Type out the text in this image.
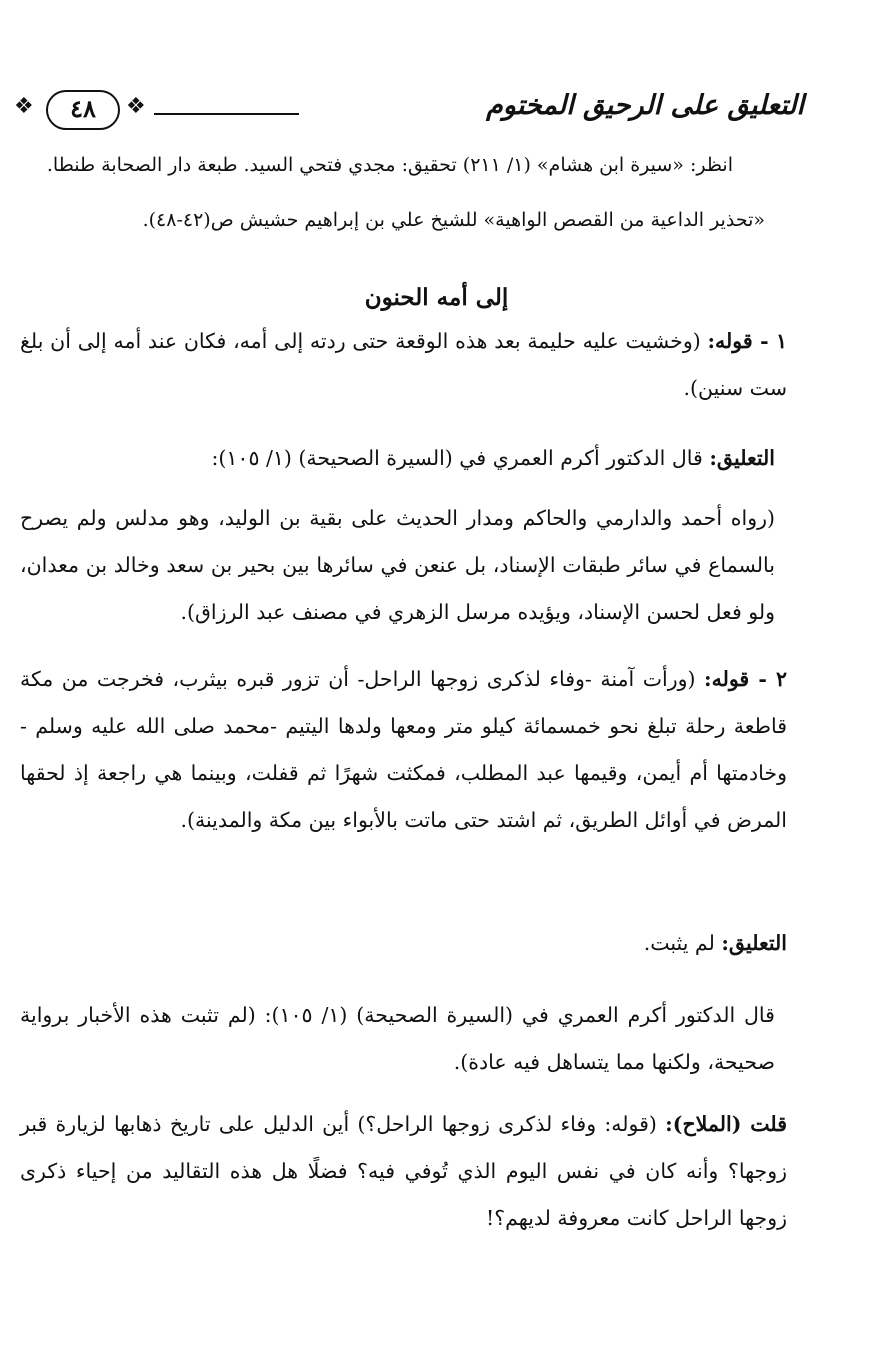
التعليق على الرحيق المختوم
❖
٤٨
❖
انظر: «سيرة ابن هشام» (١/ ٢١١) تحقيق: مجدي فتحي السيد. طبعة دار الصحابة طنطا.
«تحذير الداعية من القصص الواهية» للشيخ علي بن إبراهيم حشيش ص(٤٢-٤٨).
إلى أمه الحنون
١ - قوله: (وخشيت عليه حليمة بعد هذه الوقعة حتى ردته إلى أمه، فكان عند أمه إلى أن بلغ ست سنين).
التعليق: قال الدكتور أكرم العمري في (السيرة الصحيحة) (١/ ١٠٥):
(رواه أحمد والدارمي والحاكم ومدار الحديث على بقية بن الوليد، وهو مدلس ولم يصرح بالسماع في سائر طبقات الإسناد، بل عنعن في سائرها بين بحير بن سعد وخالد بن معدان، ولو فعل لحسن الإسناد، ويؤيده مرسل الزهري في مصنف عبد الرزاق).
٢ - قوله: (ورأت آمنة -وفاء لذكرى زوجها الراحل- أن تزور قبره بيثرب، فخرجت من مكة قاطعة رحلة تبلغ نحو خمسمائة كيلو متر ومعها ولدها اليتيم -محمد صلى الله عليه وسلم - وخادمتها أم أيمن، وقيمها عبد المطلب، فمكثت شهرًا ثم قفلت، وبينما هي راجعة إذ لحقها المرض في أوائل الطريق، ثم اشتد حتى ماتت بالأبواء بين مكة والمدينة).
التعليق: لم يثبت.
قال الدكتور أكرم العمري في (السيرة الصحيحة) (١/ ١٠٥): (لم تثبت هذه الأخبار برواية صحيحة، ولكنها مما يتساهل فيه عادة).
قلت (الملاح): (قوله: وفاء لذكرى زوجها الراحل؟) أين الدليل على تاريخ ذهابها لزيارة قبر زوجها؟ وأنه كان في نفس اليوم الذي تُوفي فيه؟ فضلًا هل هذه التقاليد من إحياء ذكرى زوجها الراحل كانت معروفة لديهم؟!
